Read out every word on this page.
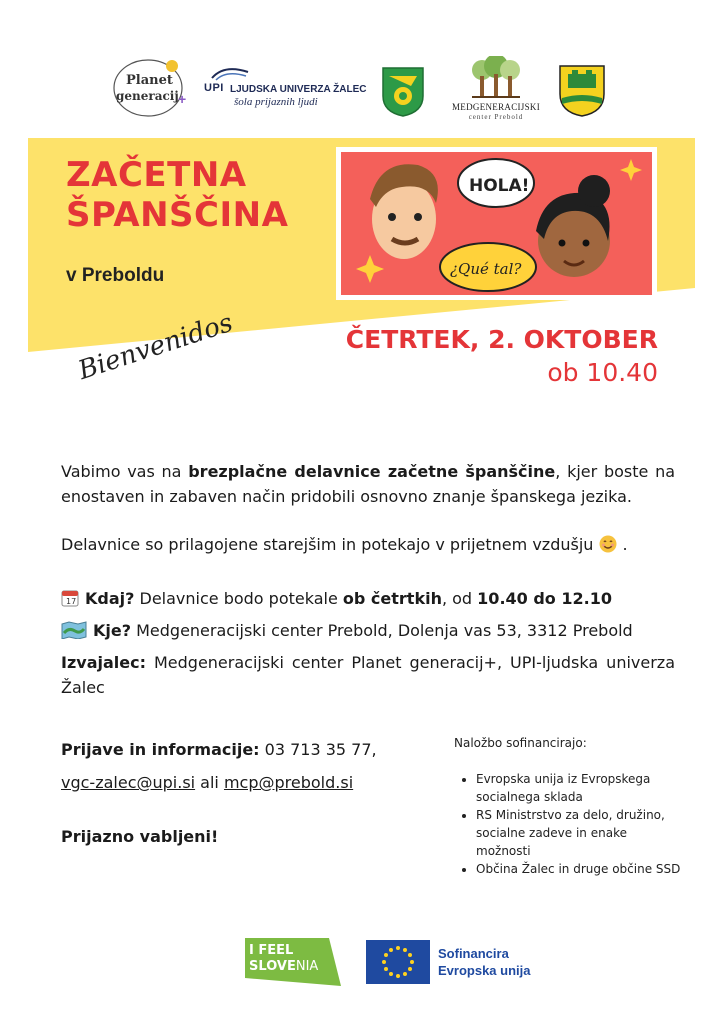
+
Planet
generacij
UPI LJUDSKA UNIVERZA ŽALEC
šola prijaznih ljudi	MEDGENERACIJSKI
center Prebold
ZAČETNA
ŠPANŠČINA
v Preboldu
HOLA!
¿Qué tal?
ČETRTEK, 2. OKTOBER
ob 10.40
Bienvenidos
Vabimo vas na brezplačne delavnice začetne španščine, kjer boste na enostaven in zabaven način pridobili osnovno znanje španskega jezika.
Delavnice so prilagojene starejšim in potekajo v prijetnem vzdušju .
17 Kdaj? Delavnice bodo potekale ob četrtkih, od 10.40 do 12.10
Kje? Medgeneracijski center Prebold, Dolenja vas 53, 3312 Prebold
Izvajalec: Medgeneracijski center Planet generacij+, UPI-ljudska univerza Žalec
Prijave in informacije: 03 713 35 77,
vgc-zalec@upi.si ali mcp@prebold.si
Prijazno vabljeni!
Naložbo sofinancirajo:
• Evropska unija iz Evropskega socialnega sklada
• RS Ministrstvo za delo, družino, socialne zadeve in enake možnosti
• Občina Žalec in druge občine SSD
I FEEL
SLOVENIA
Sofinancira
Evropska unija
